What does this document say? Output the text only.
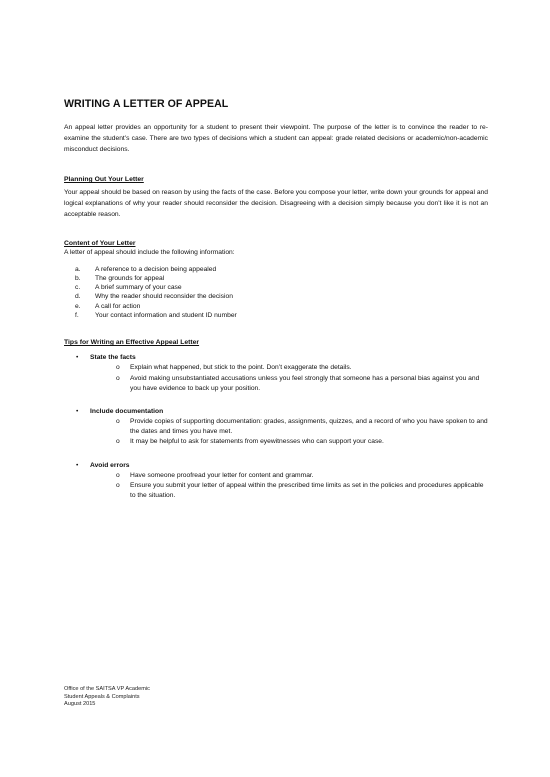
WRITING A LETTER OF APPEAL

An appeal letter provides an opportunity for a student to present their viewpoint. The purpose of the letter is to convince the reader to re-examine the student’s case. There are two types of decisions which a student can appeal: grade related decisions or academic/non-academic misconduct decisions.

Planning Out Your Letter

Your appeal should be based on reason by using the facts of the case. Before you compose your letter, write down your grounds for appeal and logical explanations of why your reader should reconsider the decision. Disagreeing with a decision simply because you don’t like it is not an acceptable reason.

Content of Your Letter

A letter of appeal should include the following information:

a.	A reference to a decision being appealed
b.	The grounds for appeal
c.	A brief summary of your case
d.	Why the reader should reconsider the decision
e.	A call for action
f.	Your contact information and student ID number
Tips for Writing an Effective Appeal Letter
•	State the facts
o	Explain what happened, but stick to the point. Don’t exaggerate the details.
o	Avoid making unsubstantiated accusations unless you feel strongly that someone has a personal bias against you and you have evidence to back up your position.
•	Include documentation
o	Provide copies of supporting documentation: grades, assignments, quizzes, and a record of who you have spoken to and the dates and times you have met.
o	It may be helpful to ask for statements from eyewitnesses who can support your case.
•	Avoid errors
o	Have someone proofread your letter for content and grammar.
o	Ensure you submit your letter of appeal within the prescribed time limits as set in the policies and procedures applicable to the situation.
Office of the SAITSA VP Academic
Student Appeals & Complaints
August 2015
